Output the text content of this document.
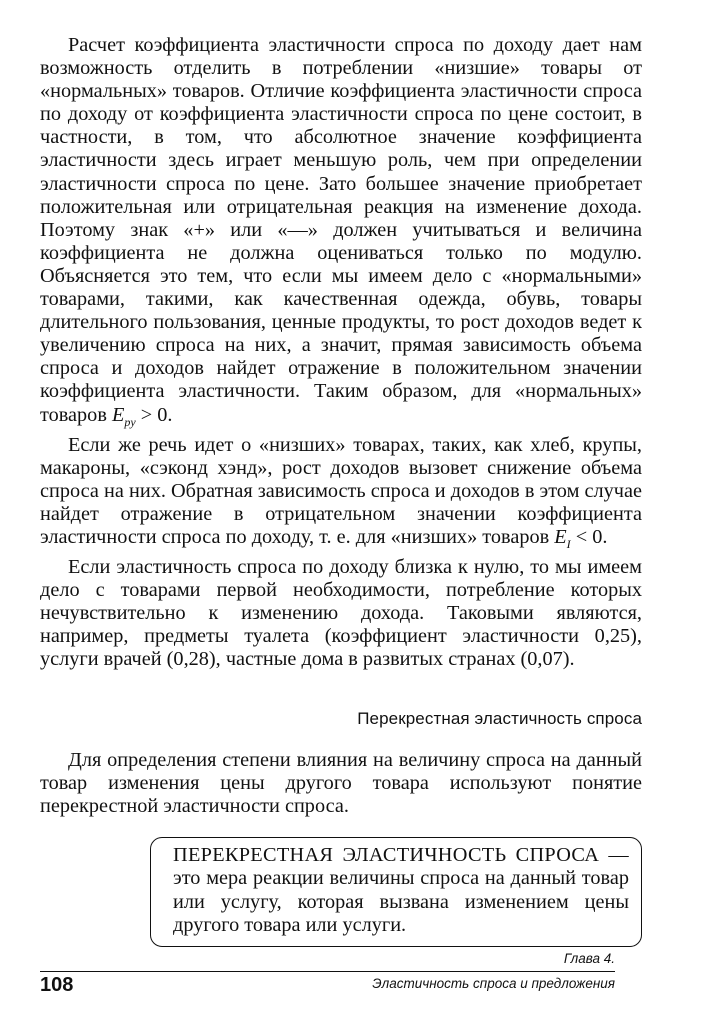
Расчет коэффициента эластичности спроса по доходу дает нам возможность отделить в потреблении «низшие» товары от «нормальных» товаров. Отличие коэффициента эластичности спроса по доходу от коэффициента эластичности спроса по цене состоит, в частности, в том, что абсолютное значение коэффициента эластичности здесь играет меньшую роль, чем при определении эластичности спроса по цене. Зато большее значение приобретает положительная или отрицательная реакция на изменение дохода. Поэтому знак «+» или «—» должен учитываться и величина коэффициента не должна оцениваться только по модулю. Объясняется это тем, что если мы имеем дело с «нормальными» товарами, такими, как качественная одежда, обувь, товары длительного пользования, ценные продукты, то рост доходов ведет к увеличению спроса на них, а значит, прямая зависимость объема спроса и доходов найдет отражение в положительном значении коэффициента эластичности. Таким образом, для «нормальных» товаров $E_{py} > 0$.

Если же речь идет о «низших» товарах, таких, как хлеб, крупы, макароны, «сэконд хэнд», рост доходов вызовет снижение объема спроса на них. Обратная зависимость спроса и доходов в этом случае найдет отражение в отрицательном значении коэффициента эластичности спроса по доходу, т. е. для «низших» товаров $E_I < 0$.

Если эластичность спроса по доходу близка к нулю, то мы имеем дело с товарами первой необходимости, потребление которых нечувствительно к изменению дохода. Таковыми являются, например, предметы туалета (коэффициент эластичности 0,25), услуги врачей (0,28), частные дома в развитых странах (0,07).

Перекрестная эластичность спроса

Для определения степени влияния на величину спроса на данный товар изменения цены другого товара используют понятие перекрестной эластичности спроса.

ПЕРЕКРЕСТНАЯ ЭЛАСТИЧНОСТЬ СПРОСА — это мера реакции величины спроса на данный товар или услугу, которая вызвана изменением цены другого товара или услуги.
108
Глава 4.
Эластичность спроса и предложения
